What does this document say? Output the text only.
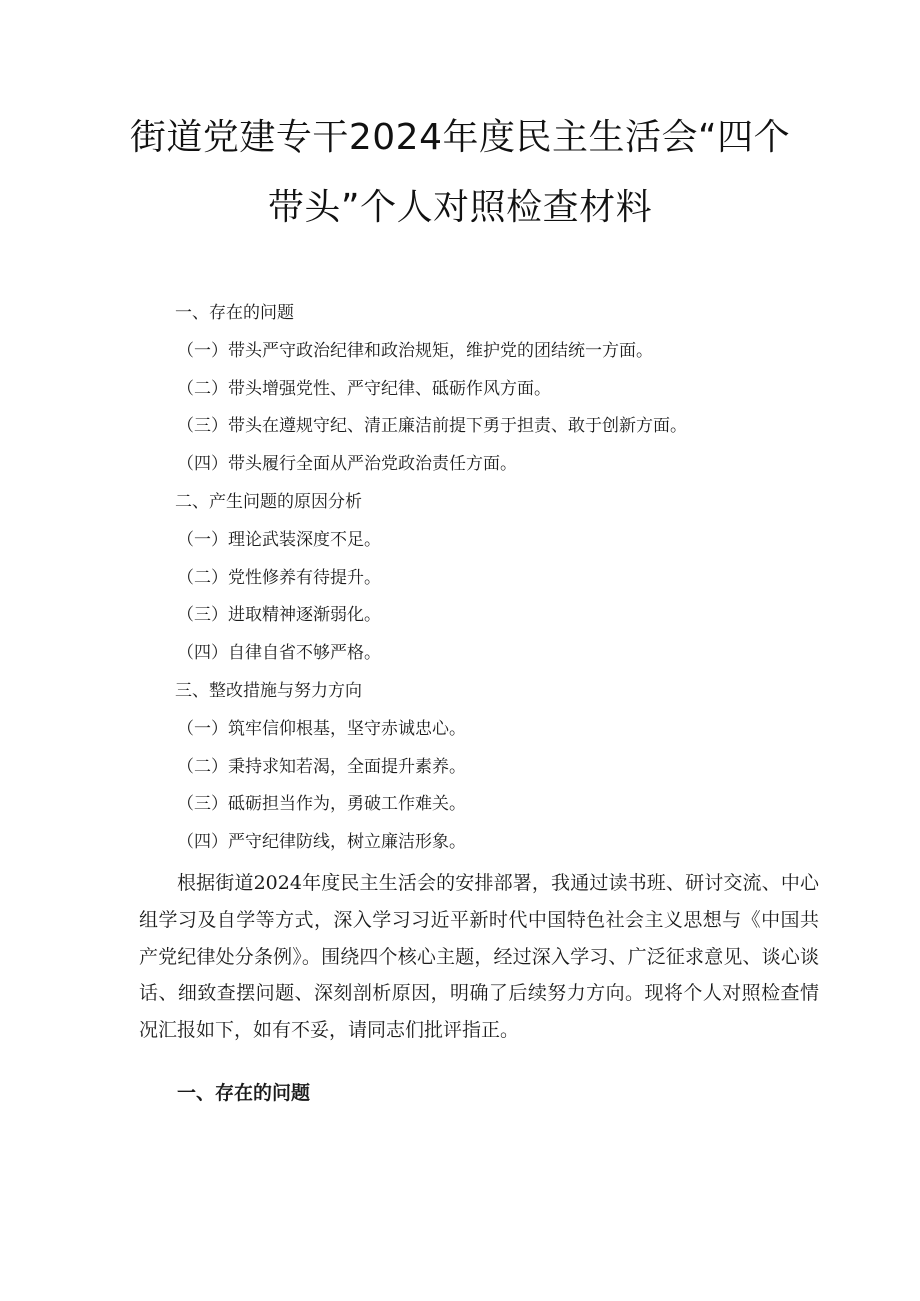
街道党建专干2024年度民主生活会“四个
带头”个人对照检查材料
一、存在的问题
（一）带头严守政治纪律和政治规矩，维护党的团结统一方面。
（二）带头增强党性、严守纪律、砥砺作风方面。
（三）带头在遵规守纪、清正廉洁前提下勇于担责、敢于创新方面。
（四）带头履行全面从严治党政治责任方面。
二、产生问题的原因分析
（一）理论武装深度不足。
（二）党性修养有待提升。
（三）进取精神逐渐弱化。
（四）自律自省不够严格。
三、整改措施与努力方向
（一）筑牢信仰根基，坚守赤诚忠心。
（二）秉持求知若渴，全面提升素养。
（三）砥砺担当作为，勇破工作难关。
（四）严守纪律防线，树立廉洁形象。

根据街道2024年度民主生活会的安排部署，我通过读书班、研讨交流、中心组学习及自学等方式，深入学习习近平新时代中国特色社会主义思想与《中国共产党纪律处分条例》。围绕四个核心主题，经过深入学习、广泛征求意见、谈心谈话、细致查摆问题、深刻剖析原因，明确了后续努力方向。现将个人对照检查情况汇报如下，如有不妥，请同志们批评指正。

一、存在的问题
